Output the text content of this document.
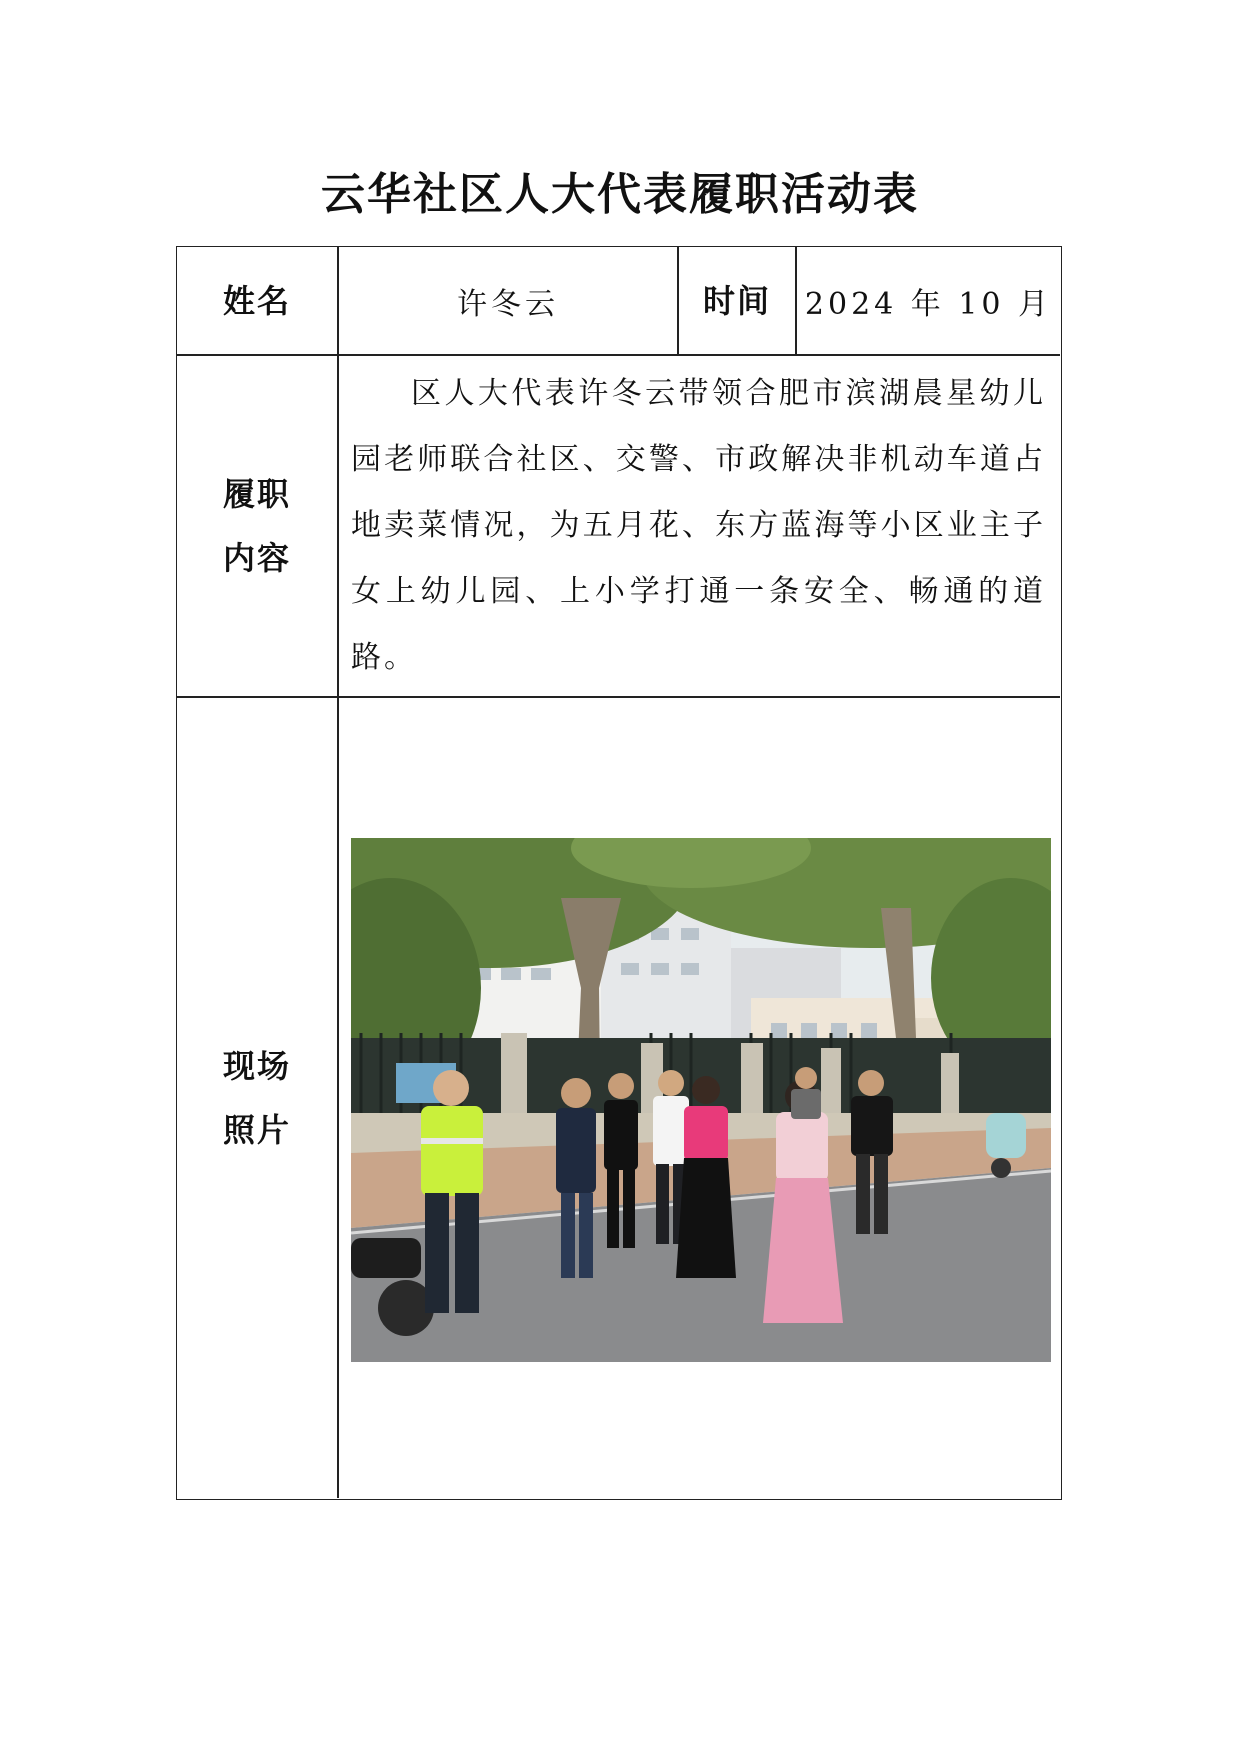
云华社区人大代表履职活动表
姓名	许冬云	时间 2024 年 10 月
履职
内容
区人大代表许冬云带领合肥市滨湖晨星幼儿园老师联合社区、交警、市政解决非机动车道占地卖菜情况，为五月花、东方蓝海等小区业主子女上幼儿园、上小学打通一条安全、畅通的道路。
现场
照片
